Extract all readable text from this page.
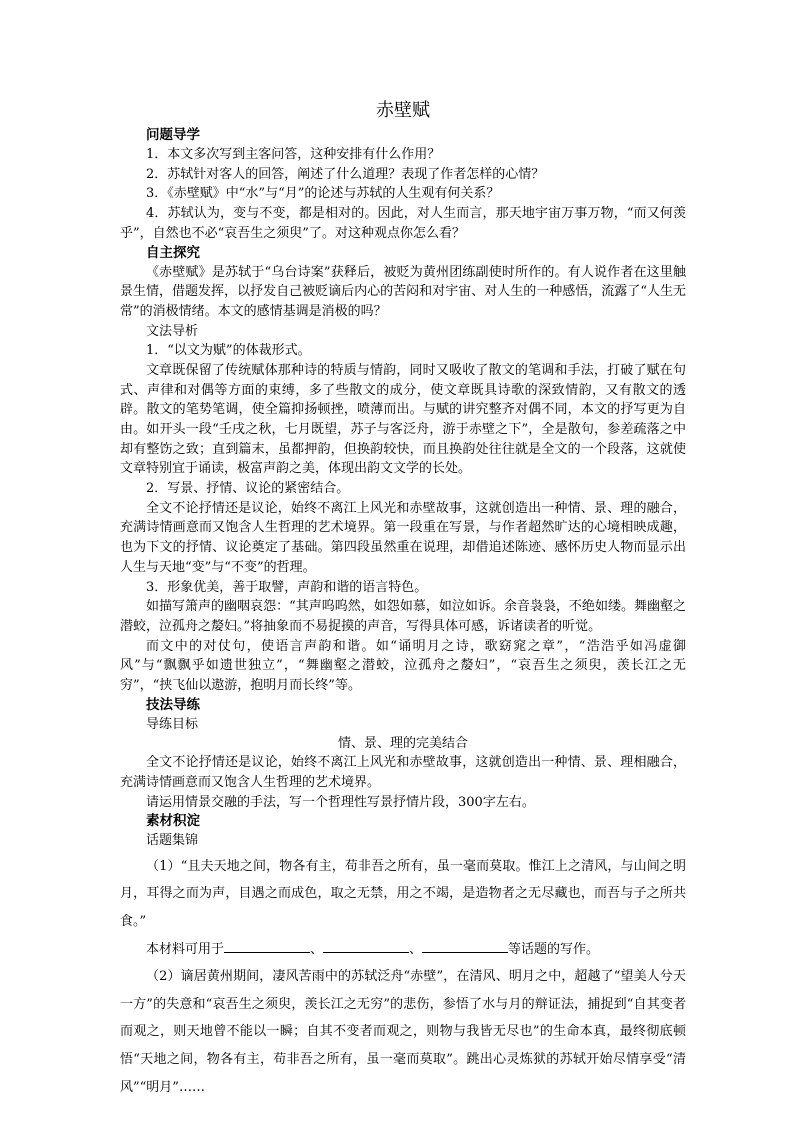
赤壁赋
问题导学
1．本文多次写到主客问答，这种安排有什么作用？
2．苏轼针对客人的回答，阐述了什么道理？表现了作者怎样的心情？
3．《赤壁赋》中“水”与“月”的论述与苏轼的人生观有何关系？
4．苏轼认为，变与不变，都是相对的。因此，对人生而言，那天地宇宙万事万物，“而又何羡乎”，自然也不必“哀吾生之须臾”了。对这种观点你怎么看？
自主探究
《赤壁赋》是苏轼于“乌台诗案”获释后，被贬为黄州团练副使时所作的。有人说作者在这里触景生情，借题发挥，以抒发自己被贬谪后内心的苦闷和对宇宙、对人生的一种感悟，流露了“人生无常”的消极情绪。本文的感情基调是消极的吗？
文法导析
1．“以文为赋”的体裁形式。
文章既保留了传统赋体那种诗的特质与情韵，同时又吸收了散文的笔调和手法，打破了赋在句式、声律和对偶等方面的束缚，多了些散文的成分，使文章既具诗歌的深致情韵，又有散文的透辟。散文的笔势笔调，使全篇抑扬顿挫，喷薄而出。与赋的讲究整齐对偶不同，本文的抒写更为自由。如开头一段“壬戌之秋，七月既望，苏子与客泛舟，游于赤壁之下”，全是散句，参差疏落之中却有整饬之致；直到篇末，虽都押韵，但换韵较快，而且换韵处往往就是全文的一个段落，这就使文章特别宜于诵读，极富声韵之美，体现出韵文文学的长处。
2．写景、抒情、议论的紧密结合。
全文不论抒情还是议论，始终不离江上风光和赤壁故事，这就创造出一种情、景、理的融合，充满诗情画意而又饱含人生哲理的艺术境界。第一段重在写景，与作者超然旷达的心境相映成趣，也为下文的抒情、议论奠定了基础。第四段虽然重在说理，却借追述陈迹、感怀历史人物而显示出人生与天地“变”与“不变”的哲理。
3．形象优美，善于取譬，声韵和谐的语言特色。
如描写箫声的幽咽哀怨：“其声呜呜然，如怨如慕，如泣如诉。余音袅袅，不绝如缕。舞幽壑之潜蛟，泣孤舟之嫠妇。”将抽象而不易捉摸的声音，写得具体可感，诉诸读者的听觉。
而文中的对仗句，使语言声韵和谐。如“诵明月之诗，歌窈窕之章”，“浩浩乎如冯虚御风”与“飘飘乎如遗世独立”，“舞幽壑之潜蛟，泣孤舟之嫠妇”，“哀吾生之须臾，羡长江之无穷”，“挟飞仙以遨游，抱明月而长终”等。
技法导练
导练目标
情、景、理的完美结合
全文不论抒情还是议论，始终不离江上风光和赤壁故事，这就创造出一种情、景、理相融合，充满诗情画意而又饱含人生哲理的艺术境界。
请运用情景交融的手法，写一个哲理性写景抒情片段，300字左右。
素材积淀
话题集锦
（1）“且夫天地之间，物各有主，苟非吾之所有，虽一毫而莫取。惟江上之清风，与山间之明月，耳得之而为声，目遇之而成色，取之无禁，用之不竭，是造物者之无尽藏也，而吾与子之所共食。”
本材料可用于	、	、	等话题的写作。
（2）谪居黄州期间，凄风苦雨中的苏轼泛舟“赤壁”，在清风、明月之中，超越了“望美人兮天一方”的失意和“哀吾生之须臾，羡长江之无穷”的悲伤，参悟了水与月的辩证法，捕捉到“自其变者而观之，则天地曾不能以一瞬；自其不变者而观之，则物与我皆无尽也”的生命本真，最终彻底顿悟“天地之间，物各有主，苟非吾之所有，虽一毫而莫取”。跳出心灵炼狱的苏轼开始尽情享受“清风”“明月”……
